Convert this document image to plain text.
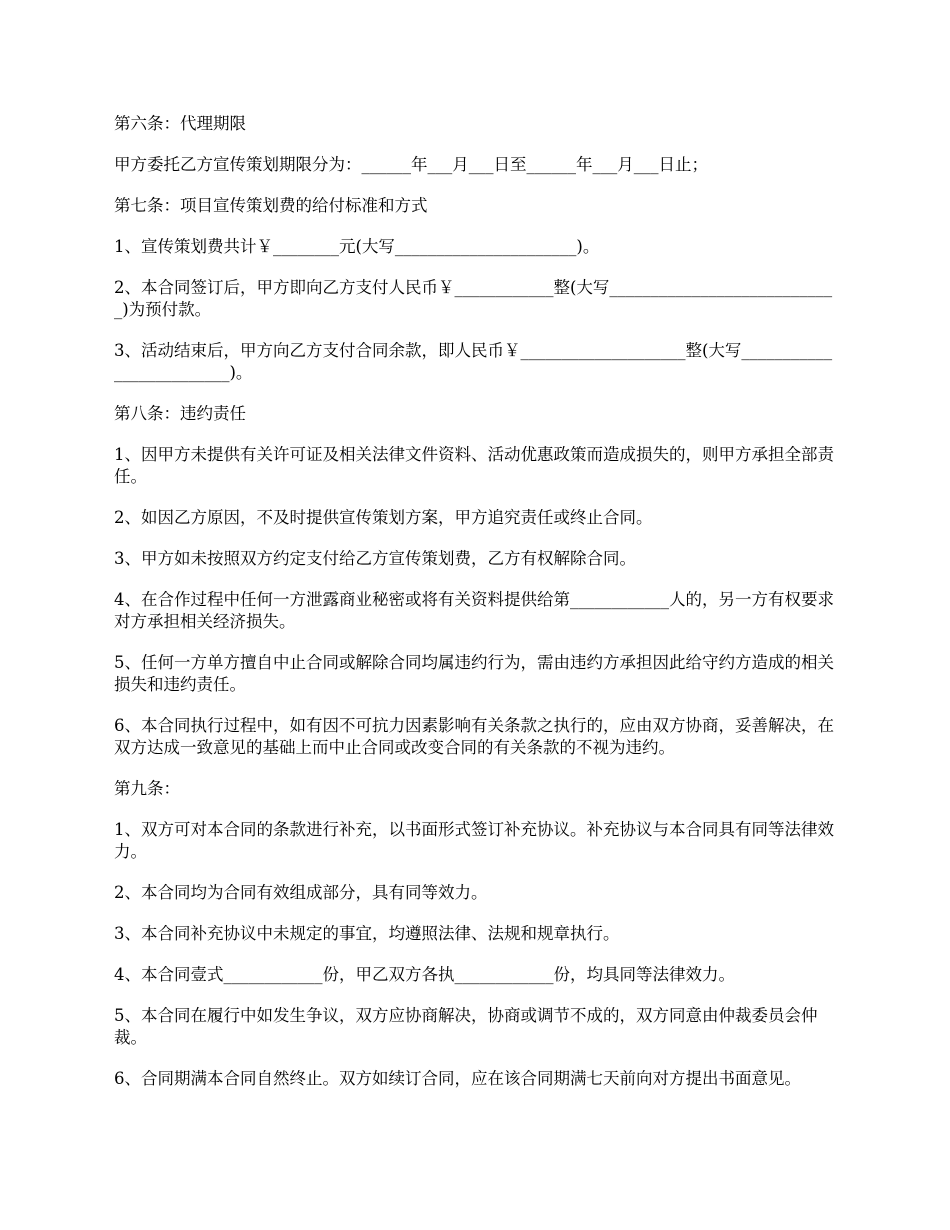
第六条：代理期限

甲方委托乙方宣传策划期限分为：______年___月___日至______年___月___日止；

第七条：项目宣传策划费的给付标准和方式

1、宣传策划费共计￥________元(大写______________________)。

2、本合同签订后，甲方即向乙方支付人民币￥____________整(大写____________________________)为预付款。

3、活动结束后，甲方向乙方支付合同余款，即人民币￥____________________整(大写_________________________)。

第八条：违约责任

1、因甲方未提供有关许可证及相关法律文件资料、活动优惠政策而造成损失的，则甲方承担全部责任。

2、如因乙方原因，不及时提供宣传策划方案，甲方追究责任或终止合同。

3、甲方如未按照双方约定支付给乙方宣传策划费，乙方有权解除合同。

4、在合作过程中任何一方泄露商业秘密或将有关资料提供给第____________人的，另一方有权要求对方承担相关经济损失。

5、任何一方单方擅自中止合同或解除合同均属违约行为，需由违约方承担因此给守约方造成的相关损失和违约责任。

6、本合同执行过程中，如有因不可抗力因素影响有关条款之执行的，应由双方协商，妥善解决，在双方达成一致意见的基础上而中止合同或改变合同的有关条款的不视为违约。

第九条：

1、双方可对本合同的条款进行补充，以书面形式签订补充协议。补充协议与本合同具有同等法律效力。

2、本合同均为合同有效组成部分，具有同等效力。

3、本合同补充协议中未规定的事宜，均遵照法律、法规和规章执行。

4、本合同壹式____________份，甲乙双方各执____________份，均具同等法律效力。

5、本合同在履行中如发生争议，双方应协商解决，协商或调节不成的，双方同意由仲裁委员会仲裁。

6、合同期满本合同自然终止。双方如续订合同，应在该合同期满七天前向对方提出书面意见。
